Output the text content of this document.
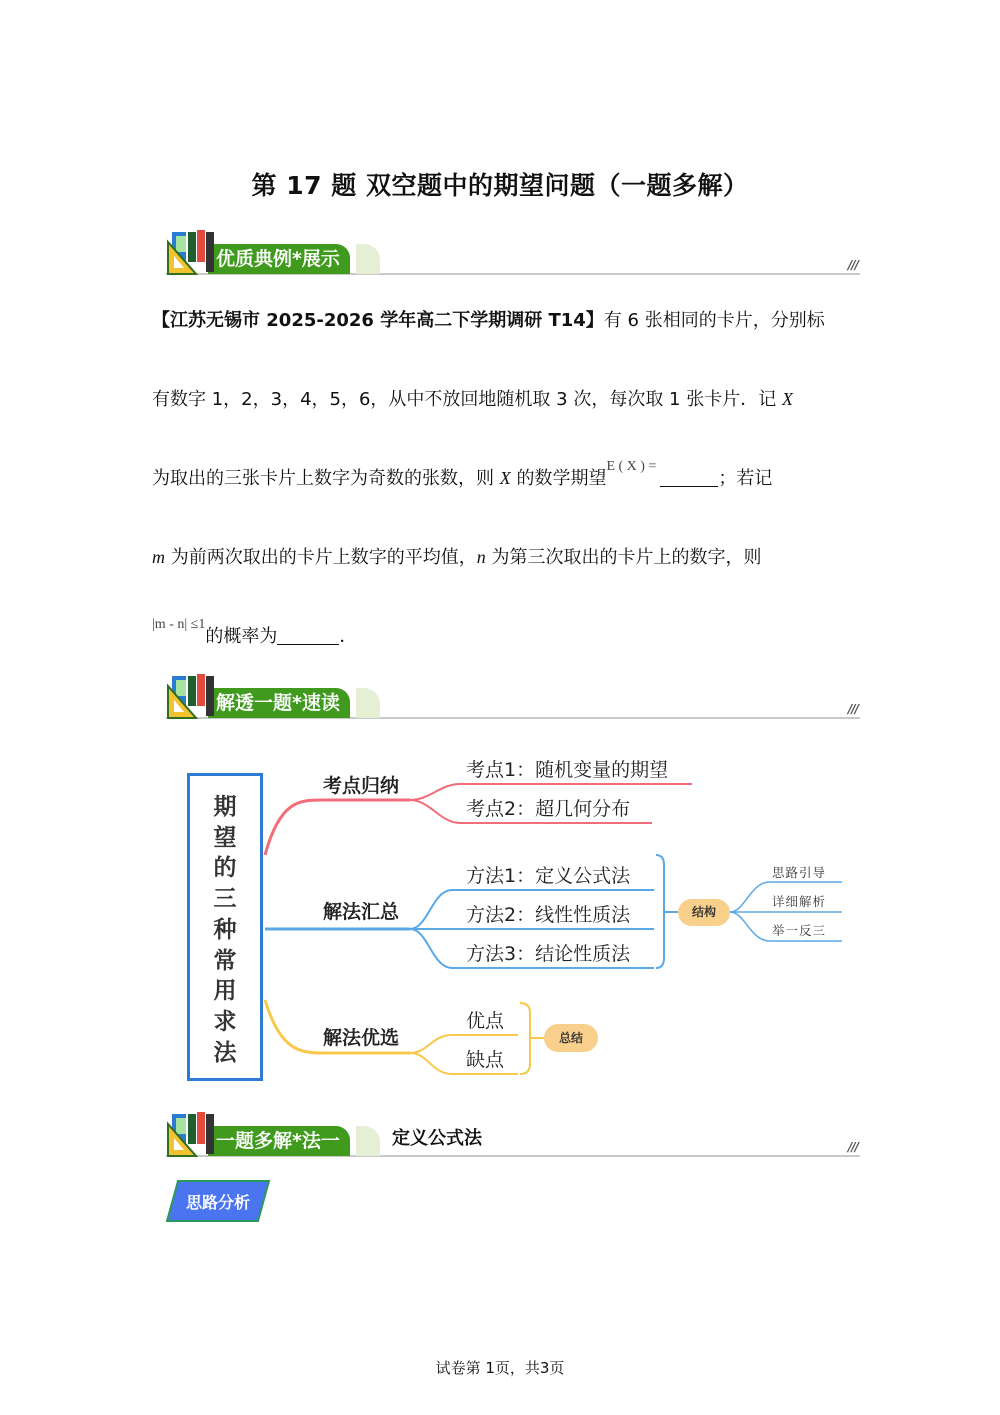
第 17 题 双空题中的期望问题（一题多解）
优质典例*展示	///
【江苏无锡市 2025-2026 学年高二下学期调研 T14】有 6 张相同的卡片，分别标
有数字 1，2，3，4，5，6，从中不放回地随机取 3 次，每次取 1 张卡片．记 X
为取出的三张卡片上数字为奇数的张数，则 X 的数学期望$^{E ( X ) =}$；若记
m 为前两次取出的卡片上数字的平均值，n 为第三次取出的卡片上的数字，则
$^{|m - n| \le 1}$的概率为	．
解透一题*速读	///
期
望
的
三
种
常
用
求
法
考点归纳
考点1：随机变量的期望
考点2：超几何分布
解法汇总
方法1：定义公式法
方法2：线性性质法
方法3：结论性质法
结构
思路引导
详细解析
举一反三
解法优选
优点
缺点
总结
一题多解*法一	定义公式法	///
思路分析
试卷第 1页，共3页
